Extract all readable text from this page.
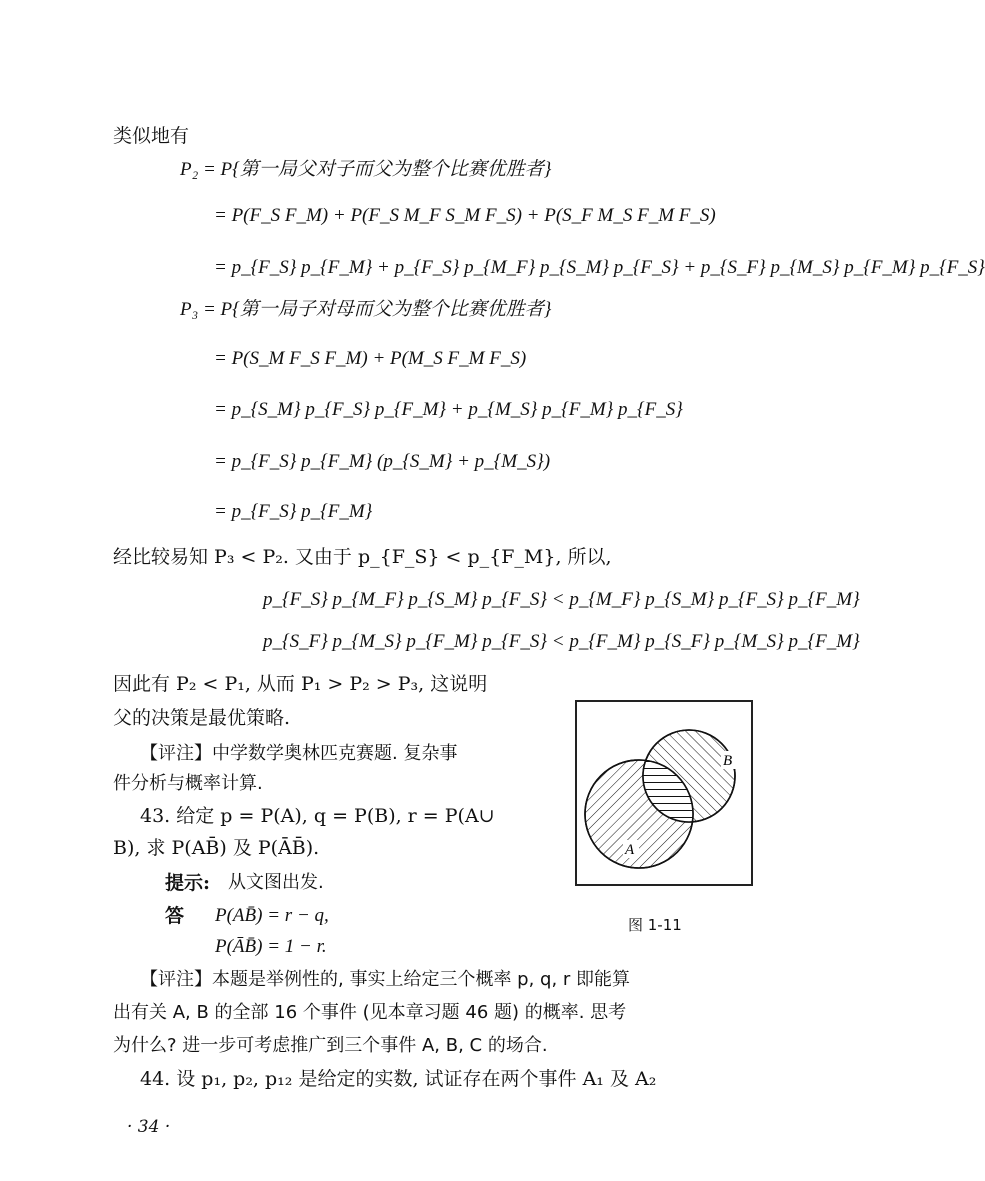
类似地有
P₂ = P{第一局父对子而父为整个比赛优胜者}
= P(F_S F_M) + P(F_S M_F S_M F_S) + P(S_F M_S F_M F_S)
= p_{F_S} p_{F_M} + p_{F_S} p_{M_F} p_{S_M} p_{F_S} + p_{S_F} p_{M_S} p_{F_M} p_{F_S}
P₃ = P{第一局子对母而父为整个比赛优胜者}
= P(S_M F_S F_M) + P(M_S F_M F_S)
= p_{S_M} p_{F_S} p_{F_M} + p_{M_S} p_{F_M} p_{F_S}
= p_{F_S} p_{F_M} (p_{S_M} + p_{M_S})
= p_{F_S} p_{F_M}
经比较易知 P₃ < P₂. 又由于 p_{F_S} < p_{F_M}, 所以,
p_{F_S} p_{M_F} p_{S_M} p_{F_S} < p_{M_F} p_{S_M} p_{F_S} p_{F_M}
p_{S_F} p_{M_S} p_{F_M} p_{F_S} < p_{F_M} p_{S_F} p_{M_S} p_{F_M}
因此有 P₂ < P₁, 从而 P₁ > P₂ > P₃, 这说明
父的决策是最优策略.
【评注】中学数学奥林匹克赛题. 复杂事
件分析与概率计算.
43. 给定 p = P(A), q = P(B), r = P(A∪
B), 求 P(AB̄) 及 P(ĀB̄).
提示: 从文图出发.
答 P(AB̄) = r − q,
P(ĀB̄) = 1 − r.
【评注】本题是举例性的, 事实上给定三个概率 p, q, r 即能算
出有关 A, B 的全部 16 个事件 (见本章习题 46 题) 的概率. 思考
为什么? 进一步可考虑推广到三个事件 A, B, C 的场合.
44. 设 p₁, p₂, p₁₂ 是给定的实数, 试证存在两个事件 A₁ 及 A₂
A
B
图 1-11
· 34 ·
